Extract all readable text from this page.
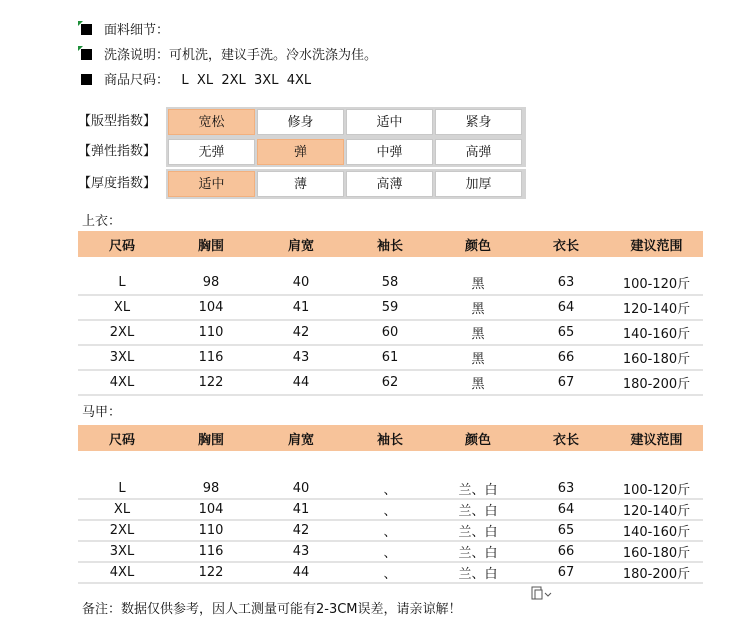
面料细节：
洗涤说明：可机洗，建议手洗。冷水洗涤为佳。
商品尺码：   L  XL  2XL  3XL  4XL
【版型指数】	宽松	修身	适中	紧身
【弹性指数】	无弹	弹	中弹	高弹
【厚度指数】	适中	薄	高薄	加厚
上衣：
尺码	胸围	肩宽	袖长	颜色	衣长	建议范围

L	98	40	58	黑	63	100-120斤
XL	104	41	59	黑	64	120-140斤
2XL	110	42	60	黑	65	140-160斤
3XL	116	43	61	黑	66	160-180斤
4XL	122	44	62	黑	67	180-200斤
马甲：
尺码	胸围	肩宽	袖长	颜色	衣长	建议范围

L	98	40	、	兰、白	63	100-120斤
XL	104	41	、	兰、白	64	120-140斤
2XL	110	42	、	兰、白	65	140-160斤
3XL	116	43	、	兰、白	66	160-180斤
4XL	122	44	、	兰、白	67	180-200斤
备注：数据仅供参考，因人工测量可能有2-3CM误差，请亲谅解！
